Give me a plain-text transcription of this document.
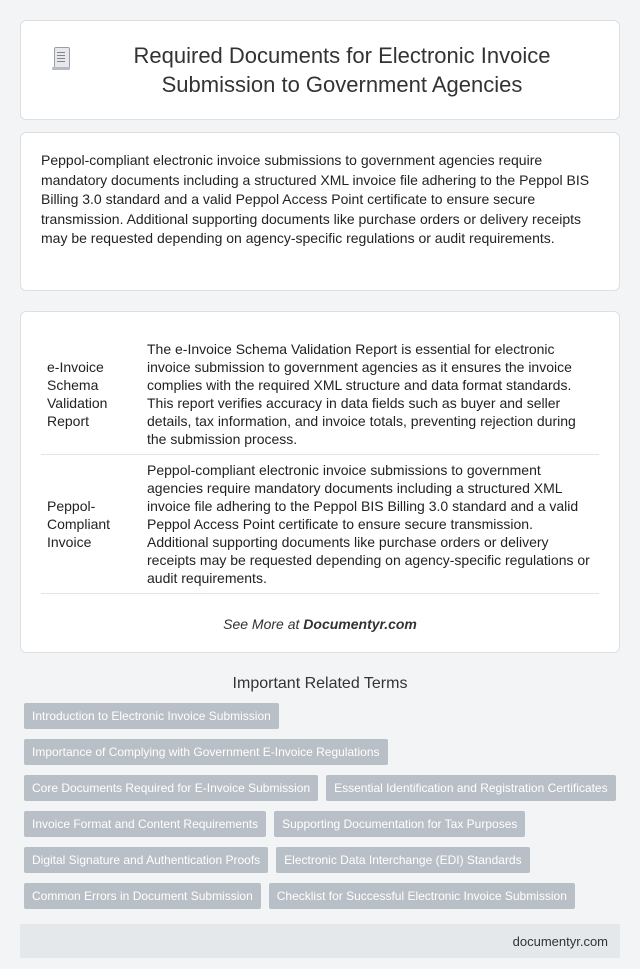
Required Documents for Electronic Invoice Submission to Government Agencies

Peppol-compliant electronic invoice submissions to government agencies require mandatory documents including a structured XML invoice file adhering to the Peppol BIS Billing 3.0 standard and a valid Peppol Access Point certificate to ensure secure transmission. Additional supporting documents like purchase orders or delivery receipts may be requested depending on agency-specific regulations or audit requirements.

e-Invoice Schema Validation Report	The e-Invoice Schema Validation Report is essential for electronic invoice submission to government agencies as it ensures the invoice complies with the required XML structure and data format standards. This report verifies accuracy in data fields such as buyer and seller details, tax information, and invoice totals, preventing rejection during the submission process.
Peppol-Compliant Invoice	Peppol-compliant electronic invoice submissions to government agencies require mandatory documents including a structured XML invoice file adhering to the Peppol BIS Billing 3.0 standard and a valid Peppol Access Point certificate to ensure secure transmission. Additional supporting documents like purchase orders or delivery receipts may be requested depending on agency-specific regulations or audit requirements.
See More at Documentyr.com
Important Related Terms
Introduction to Electronic Invoice Submission
Importance of Complying with Government E-Invoice Regulations
Core Documents Required for E-Invoice Submission	Essential Identification and Registration Certificates
Invoice Format and Content Requirements	Supporting Documentation for Tax Purposes
Digital Signature and Authentication Proofs	Electronic Data Interchange (EDI) Standards
Common Errors in Document Submission	Checklist for Successful Electronic Invoice Submission
documentyr.com
